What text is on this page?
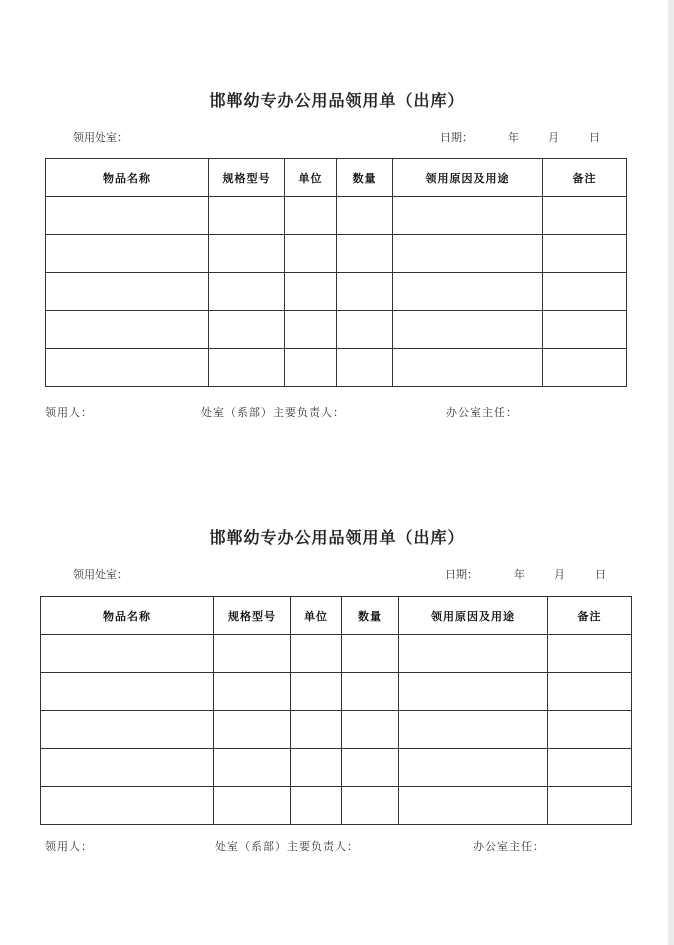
邯郸幼专办公用品领用单（出库）
领用处室：	日期：	年	月	日
物品名称	规格型号	单位	数量	领用原因及用途	备注

领用人：	处室（系部）主要负责人：	办公室主任：
邯郸幼专办公用品领用单（出库）
领用处室：	日期：	年	月	日
物品名称	规格型号	单位	数量	领用原因及用途	备注

领用人：	处室（系部）主要负责人：	办公室主任：
